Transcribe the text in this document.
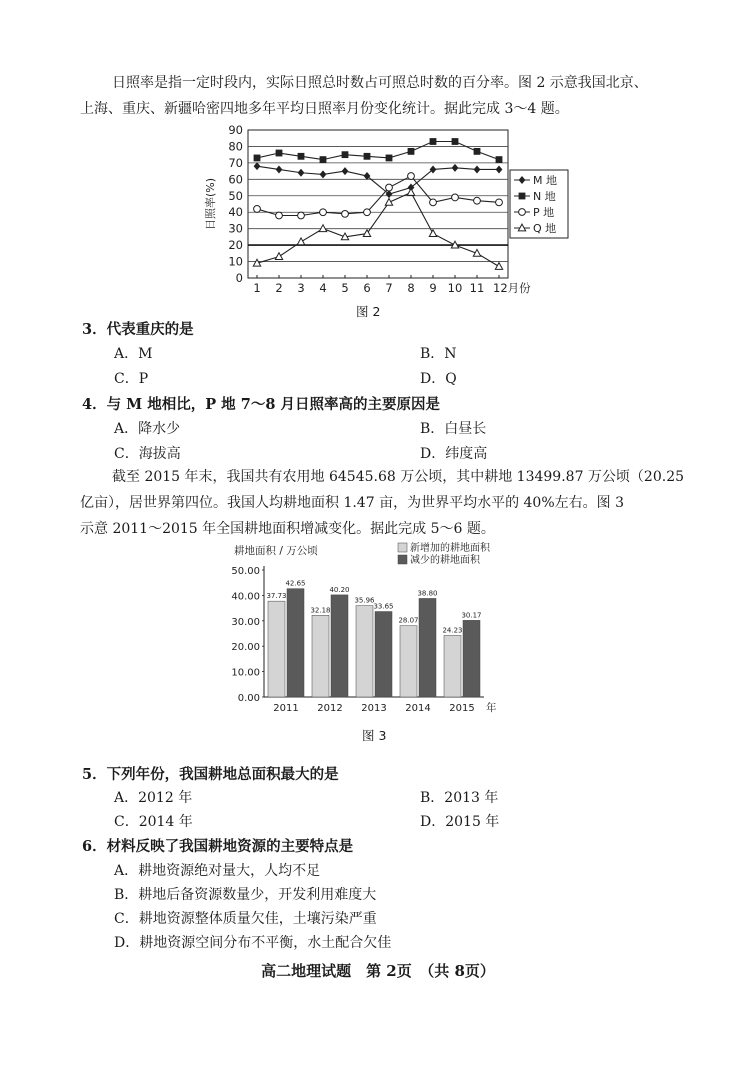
日照率是指一定时段内，实际日照总时数占可照总时数的百分率。图 2 示意我国北京、
上海、重庆、新疆哈密四地多年平均日照率月份变化统计。据此完成 3～4 题。
0
10
20
30
40
50
60
70
80
90
1 2 3 4 5 6 7 8 9 10 11 12月份
日照率(%)	M 地
N 地
P 地
Q 地
图 2
3．代表重庆的是
A．M	B．N
C．P	D．Q
4．与 M 地相比，P 地 7～8 月日照率高的主要原因是
A．降水少	B．白昼长
C．海拔高	D．纬度高
截至 2015 年末，我国共有农用地 64545.68 万公顷，其中耕地 13499.87 万公顷（20.25
亿亩），居世界第四位。我国人均耕地面积 1.47 亩，为世界平均水平的 40%左右。图 3
示意 2011～2015 年全国耕地面积增减变化。据此完成 5～6 题。
耕地面积 / 万公顷
0.00
10.00
20.00
30.00
40.00
50.00
37.73
42.65
2011
32.18
40.20
2012
35.96
33.65
2013
28.07
38.80
2014
24.23
30.17
2015 年
新增加的耕地面积
减少的耕地面积
图 3
5．下列年份，我国耕地总面积最大的是
A．2012 年	B．2013 年
C．2014 年	D．2015 年
6．材料反映了我国耕地资源的主要特点是
A．耕地资源绝对量大，人均不足
B．耕地后备资源数量少，开发利用难度大
C．耕地资源整体质量欠佳，土壤污染严重
D．耕地资源空间分布不平衡，水土配合欠佳
高二地理试题　第 2页　（共 8页）
